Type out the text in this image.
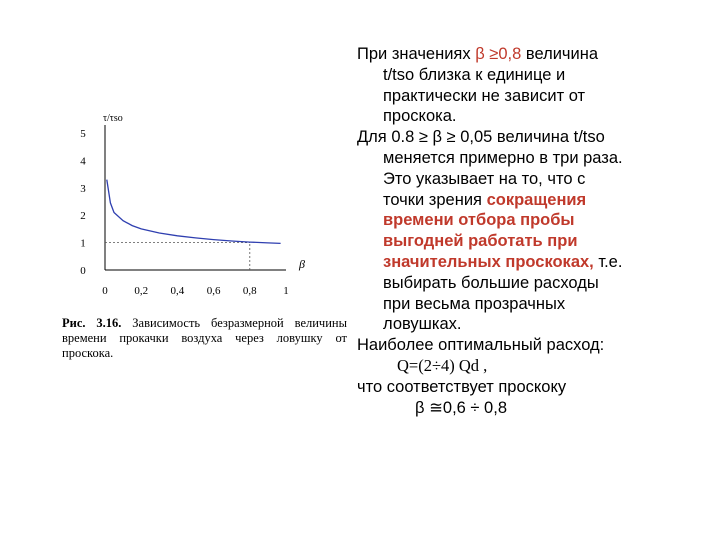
0
1
2
3
4
5
0 0,2 0,4 0,6 0,8 1
τ/τso
β
Рис. 3.16. Зависимость безразмерной величины времени прокачки воздуха через ловушку от проскока.

При значениях β ≥0,8 величина
t/tso близка к единице и
практически не зависит от
проскока.

Для 0.8 ≥ β ≥ 0,05 величина t/tso
меняется примерно в три раза.
Это указывает на то, что с
точки зрения сокращения
времени отбора пробы
выгодней работать при
значительных проскоках, т.е.
выбирать большие расходы
при весьма прозрачных
ловушках.

Наиболее оптимальный расход:
Q=(2÷4) Qd ,
что соответствует проскоку
β ≅0,6 ÷ 0,8
